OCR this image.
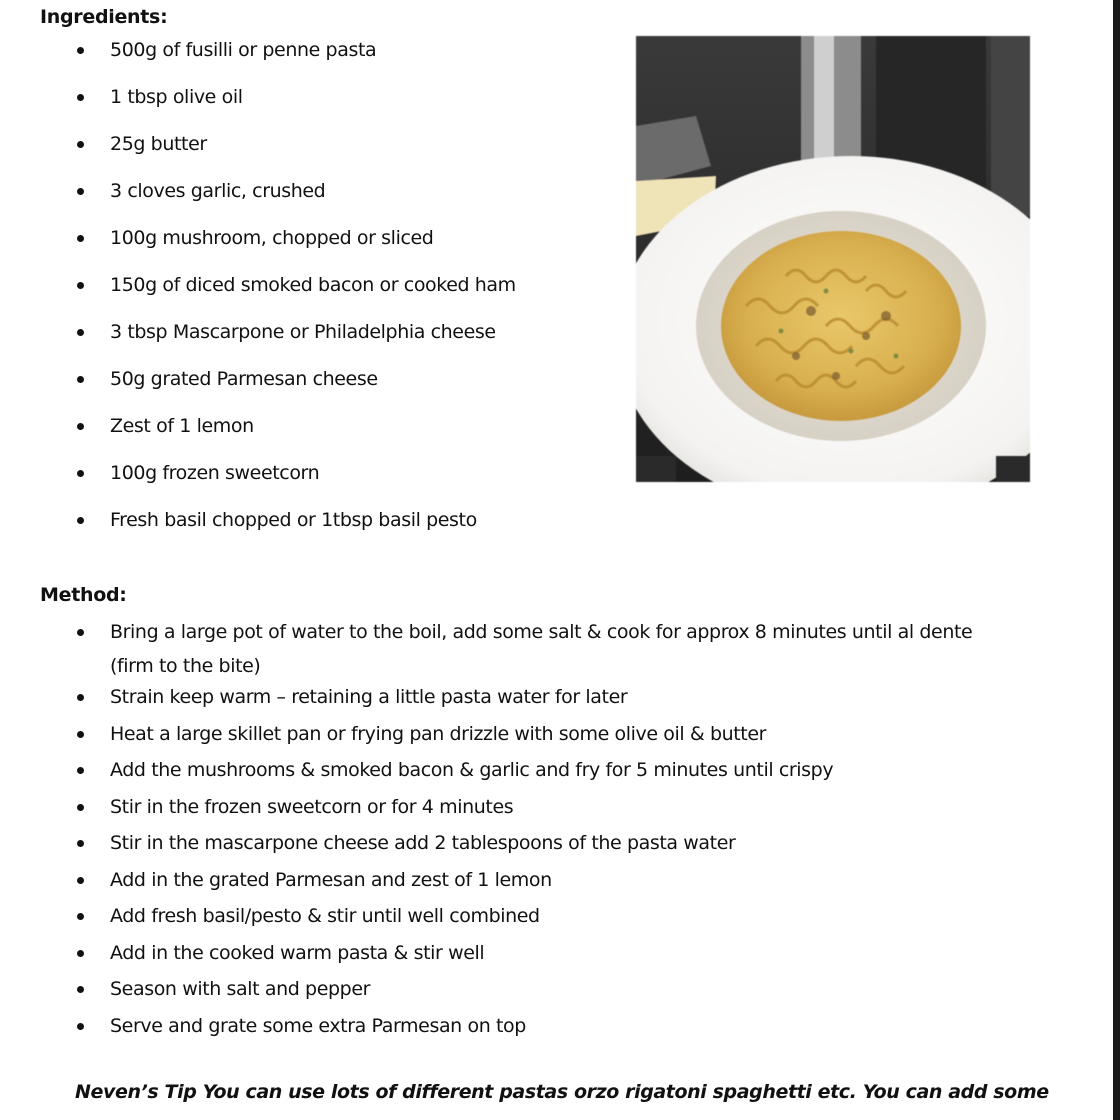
Ingredients:
500g of fusilli or penne pasta
1 tbsp olive oil
25g butter
3 cloves garlic, crushed
100g mushroom, chopped or sliced
150g of diced smoked bacon or cooked ham
3 tbsp Mascarpone or Philadelphia cheese
50g grated Parmesan cheese
Zest of 1 lemon
100g frozen sweetcorn
Fresh basil chopped or 1tbsp basil pesto
Method:
Bring a large pot of water to the boil, add some salt & cook for approx 8 minutes until al dente (firm to the bite)
Strain keep warm – retaining a little pasta water for later
Heat a large skillet pan or frying pan drizzle with some olive oil & butter
Add the mushrooms & smoked bacon & garlic and fry for 5 minutes until crispy
Stir in the frozen sweetcorn or for 4 minutes
Stir in the mascarpone cheese add 2 tablespoons of the pasta water
Add in the grated Parmesan and zest of 1 lemon
Add fresh basil/pesto & stir until well combined
Add in the cooked warm pasta & stir well
Season with salt and pepper
Serve and grate some extra Parmesan on top
Neven’s Tip You can use lots of different pastas orzo rigatoni spaghetti etc. You can add some
